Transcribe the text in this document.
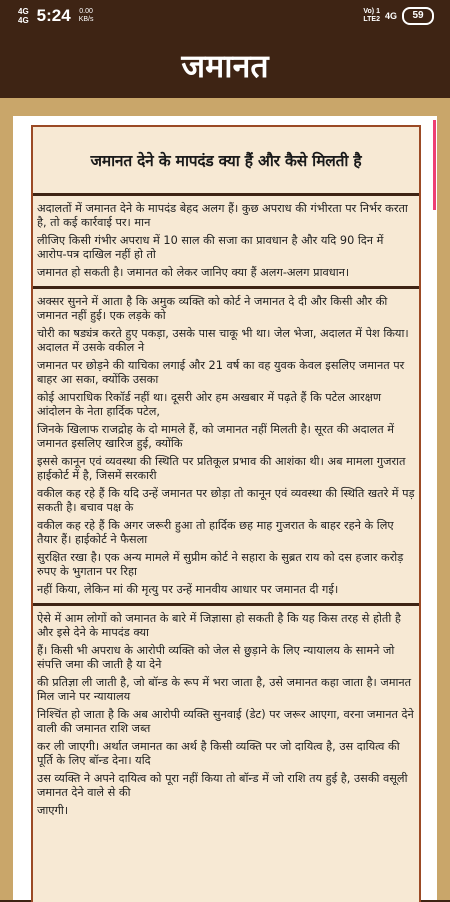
4G
4G 5:24 0.00
KB/s
Vo) 1
LTE2 4G	59
जमानत
जमानत देने के मापदंड क्या हैं और कैसे मिलती है

अदालतों में जमानत देने के मापदंड बेहद अलग हैं। कुछ अपराध की गंभीरता पर निर्भर करता है, तो कई कार्रवाई पर। मान

लीजिए किसी गंभीर अपराध में 10 साल की सजा का प्रावधान है और यदि 90 दिन में आरोप-पत्र दाखिल नहीं हो तो

जमानत हो सकती है। जमानत को लेकर जानिए क्या हैं अलग-अलग प्रावधान।

अक्सर सुनने में आता है कि अमुक व्यक्ति को कोर्ट ने जमानत दे दी और किसी और की जमानत नहीं हुई। एक लड़के को

चोरी का षड्यंत्र करते हुए पकड़ा, उसके पास चाकू भी था। जेल भेजा, अदालत में पेश किया। अदालत में उसके वकील ने

जमानत पर छोड़ने की याचिका लगाई और 21 वर्ष का वह युवक केवल इसलिए जमानत पर बाहर आ सका, क्योंकि उसका

कोई आपराधिक रिकॉर्ड नहीं था। दूसरी ओर हम अखबार में पढ़ते हैं कि पटेल आरक्षण आंदोलन के नेता हार्दिक पटेल,

जिनके खिलाफ राजद्रोह के दो मामले हैं, को जमानत नहीं मिलती है। सूरत की अदालत में जमानत इसलिए खारिज हुई, क्योंकि

इससे कानून एवं व्यवस्था की स्थिति पर प्रतिकूल प्रभाव की आशंका थी। अब मामला गुजरात हाईकोर्ट में है, जिसमें सरकारी

वकील कह रहे हैं कि यदि उन्हें जमानत पर छोड़ा तो कानून एवं व्यवस्था की स्थिति खतरे में पड़ सकती है। बचाव पक्ष के

वकील कह रहे हैं कि अगर जरूरी हुआ तो हार्दिक छह माह गुजरात के बाहर रहने के लिए तैयार हैं। हाईकोर्ट ने फैसला

सुरक्षित रखा है। एक अन्य मामले में सुप्रीम कोर्ट ने सहारा के सुब्रत राय को दस हजार करोड़ रुपए के भुगतान पर रिहा

नहीं किया, लेकिन मां की मृत्यु पर उन्हें मानवीय आधार पर जमानत दी गई।

ऐसे में आम लोगों को जमानत के बारे में जिज्ञासा हो सकती है कि यह किस तरह से होती है और इसे देने के मापदंड क्या

हैं। किसी भी अपराध के आरोपी व्यक्ति को जेल से छुड़ाने के लिए न्यायालय के सामने जो संपत्ति जमा की जाती है या देने

की प्रतिज्ञा ली जाती है, जो बॉन्ड के रूप में भरा जाता है, उसे जमानत कहा जाता है। जमानत मिल जाने पर न्यायालय

निश्चिंत हो जाता है कि अब आरोपी व्यक्ति सुनवाई (डेट) पर जरूर आएगा, वरना जमानत देने वाली की जमानत राशि जब्त

कर ली जाएगी। अर्थात जमानत का अर्थ है किसी व्यक्ति पर जो दायित्व है, उस दायित्व की पूर्ति के लिए बॉन्ड देना। यदि

उस व्यक्ति ने अपने दायित्व को पूरा नहीं किया तो बॉन्ड में जो राशि तय हुई है, उसकी वसूली जमानत देने वाले से की

जाएगी।
